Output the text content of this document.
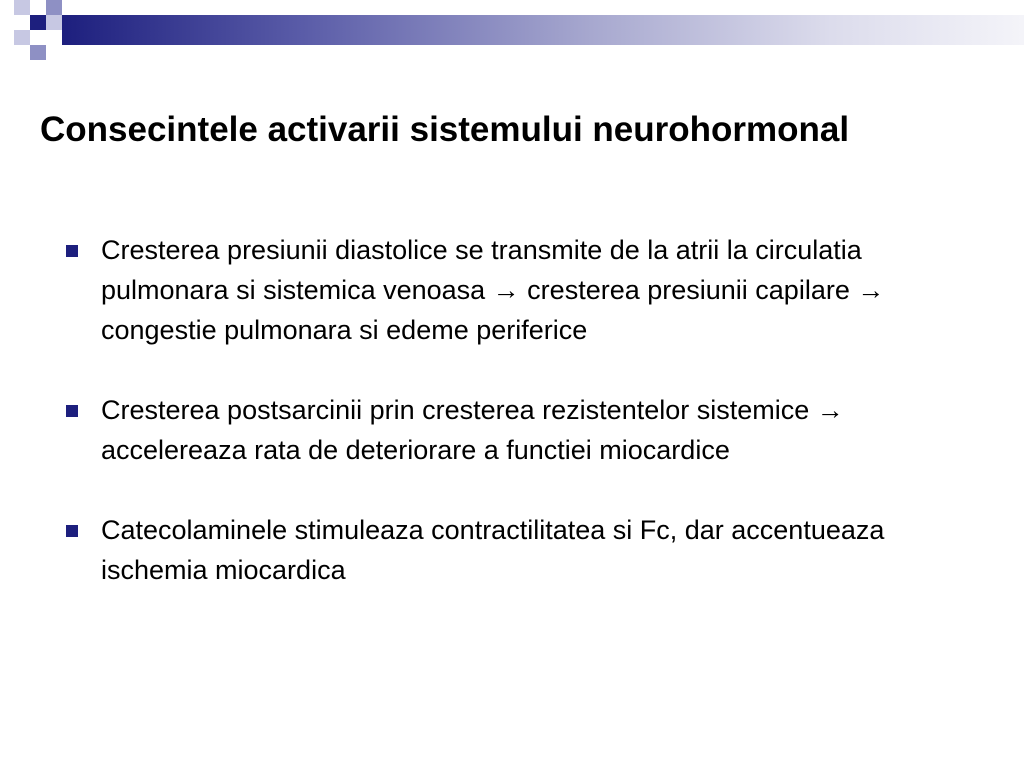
Consecintele activarii sistemului neurohormonal
Cresterea presiunii diastolice se transmite de la atrii la circulatia pulmonara si sistemica venoasa → cresterea presiunii capilare → congestie pulmonara si edeme periferice
Cresterea postsarcinii prin cresterea rezistentelor sistemice → accelereaza rata de deteriorare a functiei miocardice
Catecolaminele stimuleaza contractilitatea si Fc, dar accentueaza ischemia miocardica
